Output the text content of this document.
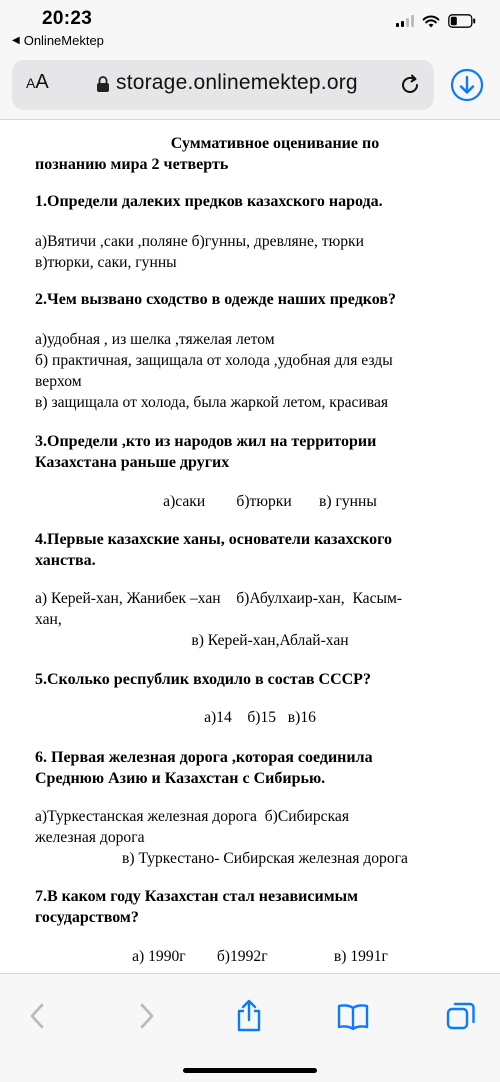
20:23
◀ OnlineMektep
AA	storage.onlinemektep.org
Суммативное оценивание по
познанию мира 2 четверть
1.Определи далеких предков казахского народа.
а)Вятичи ,саки ,поляне б)гунны, древляне, тюрки
в)тюрки, саки, гунны
2.Чем вызвано сходство в одежде наших предков?
а)удобная , из шелка ,тяжелая летом
б) практичная, защищала от холода ,удобная для езды
верхом
в) защищала от холода, была жаркой летом, красивая
3.Определи ,кто из народов жил на территории
Казахстана раньше других
а)саки        б)тюрки       в) гунны
4.Первые казахские ханы, основатели казахского
ханства.
а) Керей-хан, Жанибек –хан    б)Абулхаир-хан,  Касым-
хан,
в) Керей-хан,Аблай-хан
5.Сколько республик входило в состав СССР?
а)14    б)15   в)16
6. Первая железная дорога ,которая соединила
Среднюю Азию и Казахстан с Сибирью.
а)Туркестанская железная дорога  б)Сибирская
железная дорога
в) Туркестано- Сибирская железная дорога
7.В каком году Казахстан стал независимым
государством?
а) 1990г        б)1992г                 в) 1991г
